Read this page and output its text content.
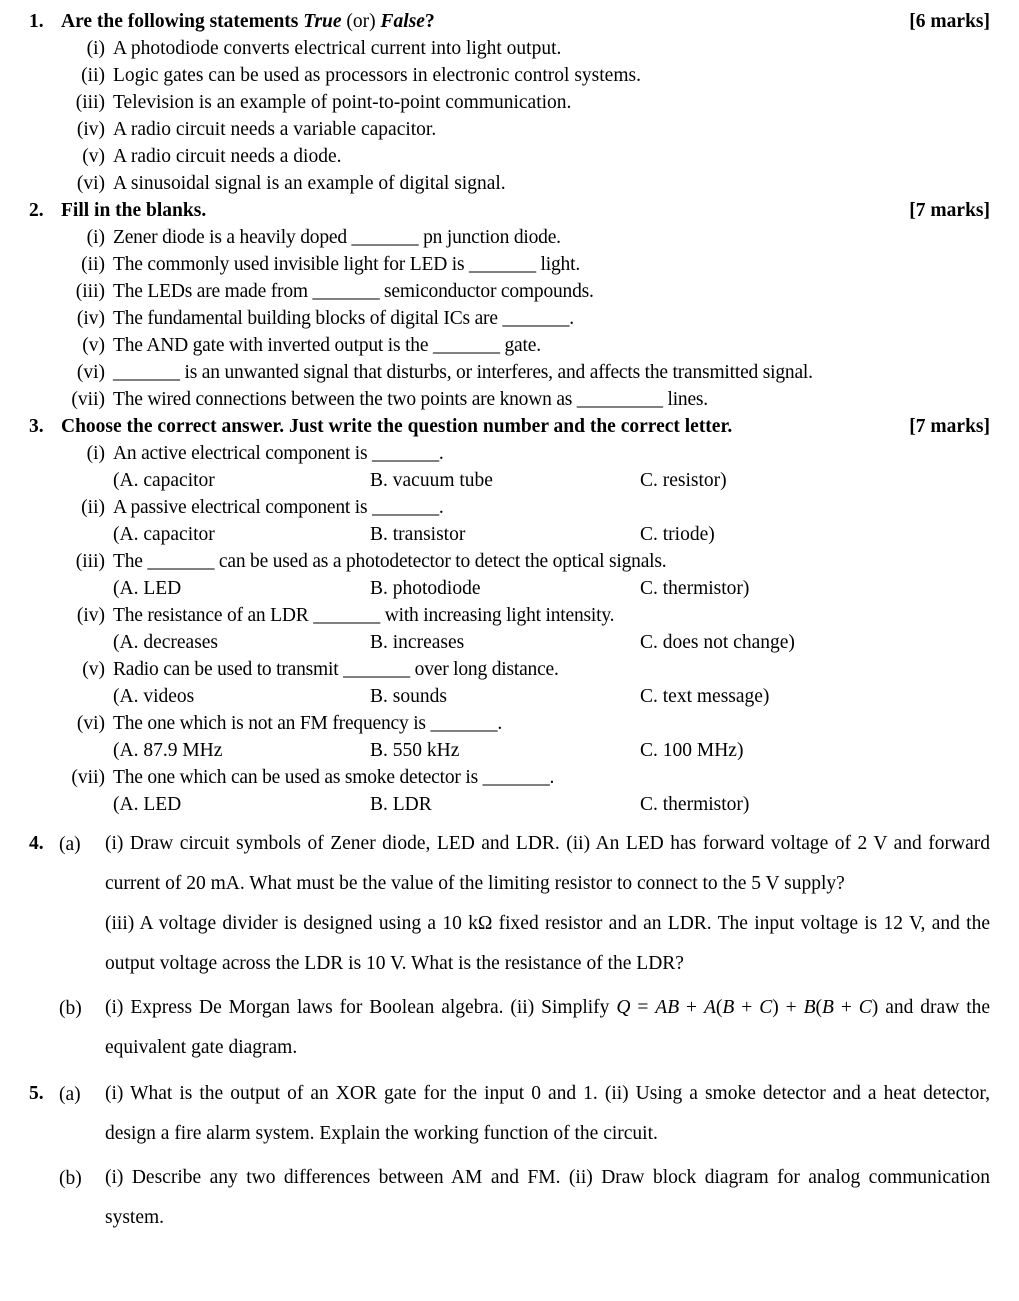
1. Are the following statements True (or) False?	[6 marks]
(i) A photodiode converts electrical current into light output.
(ii) Logic gates can be used as processors in electronic control systems.
(iii) Television is an example of point-to-point communication.
(iv) A radio circuit needs a variable capacitor.
(v) A radio circuit needs a diode.
(vi) A sinusoidal signal is an example of digital signal.
2. Fill in the blanks.	[7 marks]
(i) Zener diode is a heavily doped _______ pn junction diode.
(ii) The commonly used invisible light for LED is _______ light.
(iii) The LEDs are made from _______ semiconductor compounds.
(iv) The fundamental building blocks of digital ICs are _______.
(v) The AND gate with inverted output is the _______ gate.
(vi) _______ is an unwanted signal that disturbs, or interferes, and affects the transmitted signal.
(vii) The wired connections between the two points are known as _________ lines.
3. Choose the correct answer. Just write the question number and the correct letter.	[7 marks]
(i) An active electrical component is _______.
(A. capacitor	B. vacuum tube	C. resistor)
(ii) A passive electrical component is _______.
(A. capacitor	B. transistor	C. triode)
(iii) The _______ can be used as a photodetector to detect the optical signals.
(A. LED	B. photodiode	C. thermistor)
(iv) The resistance of an LDR _______ with increasing light intensity.
(A. decreases	B. increases	C. does not change)
(v) Radio can be used to transmit _______ over long distance.
(A. videos	B. sounds	C. text message)
(vi) The one which is not an FM frequency is _______.
(A. 87.9 MHz	B. 550 kHz	C. 100 MHz)
(vii) The one which can be used as smoke detector is _______.
(A. LED	B. LDR	C. thermistor)
4. (a)	(i) Draw circuit symbols of Zener diode, LED and LDR. (ii) An LED has forward voltage of 2 V and forward current of 20 mA. What must be the value of the limiting resistor to connect to the 5 V supply?

(iii) A voltage divider is designed using a 10 kΩ fixed resistor and an LDR. The input voltage is 12 V, and the output voltage across the LDR is 10 V. What is the resistance of the LDR?

(b)	(i) Express De Morgan laws for Boolean algebra. (ii) Simplify Q = AB + A(B + C) + B(B + C) and draw the equivalent gate diagram.

5. (a)	(i) What is the output of an XOR gate for the input 0 and 1. (ii) Using a smoke detector and a heat detector, design a fire alarm system. Explain the working function of the circuit.

(b)	(i) Describe any two differences between AM and FM. (ii) Draw block diagram for analog communication system.
